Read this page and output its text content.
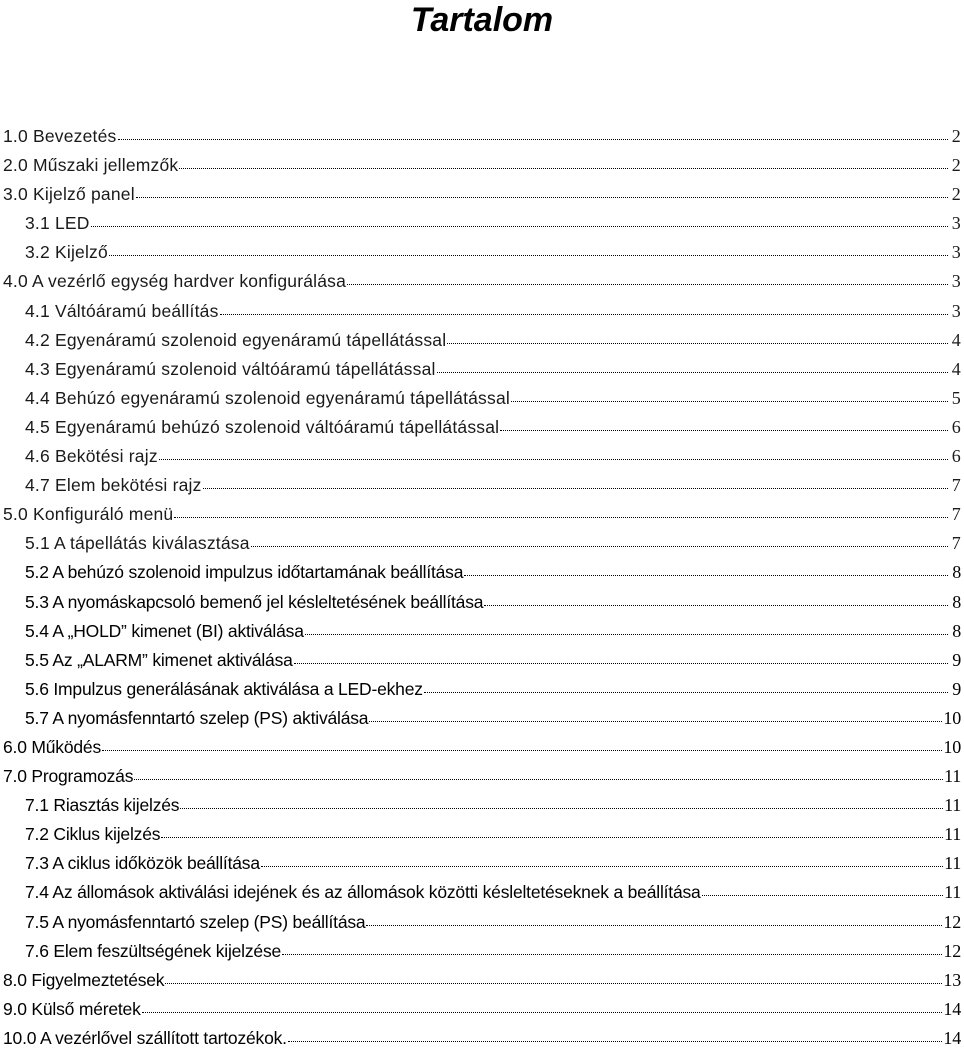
Tartalom
1.0 Bevezetés	2
2.0 Műszaki jellemzők	2
3.0 Kijelző panel	2
3.1 LED	3
3.2 Kijelző	3
4.0 A vezérlő egység hardver konfigurálása	3
4.1 Váltóáramú beállítás	3
4.2 Egyenáramú szolenoid egyenáramú tápellátással	4
4.3 Egyenáramú szolenoid váltóáramú tápellátással	4
4.4 Behúzó egyenáramú szolenoid egyenáramú tápellátással	5
4.5 Egyenáramú behúzó szolenoid váltóáramú tápellátással	6
4.6 Bekötési rajz	6
4.7 Elem bekötési rajz	7
5.0 Konfiguráló menü	7
5.1 A tápellátás kiválasztása	7
5.2 A behúzó szolenoid impulzus időtartamának beállítása	8
5.3 A nyomáskapcsoló bemenő jel késleltetésének beállítása	8
5.4 A „HOLD” kimenet (BI) aktiválása	8
5.5 Az „ALARM” kimenet aktiválása	9
5.6 Impulzus generálásának aktiválása a LED-ekhez	9
5.7 A nyomásfenntartó szelep (PS) aktiválása	10
6.0 Működés	10
7.0 Programozás	11
7.1 Riasztás kijelzés	11
7.2 Ciklus kijelzés	11
7.3 A ciklus időközök beállítása	11
7.4 Az állomások aktiválási idejének és az állomások közötti késleltetéseknek a beállítása	11
7.5 A nyomásfenntartó szelep (PS) beállítása	12
7.6 Elem feszültségének kijelzése	12
8.0 Figyelmeztetések	13
9.0 Külső méretek	14
10.0 A vezérlővel szállított tartozékok.	14
